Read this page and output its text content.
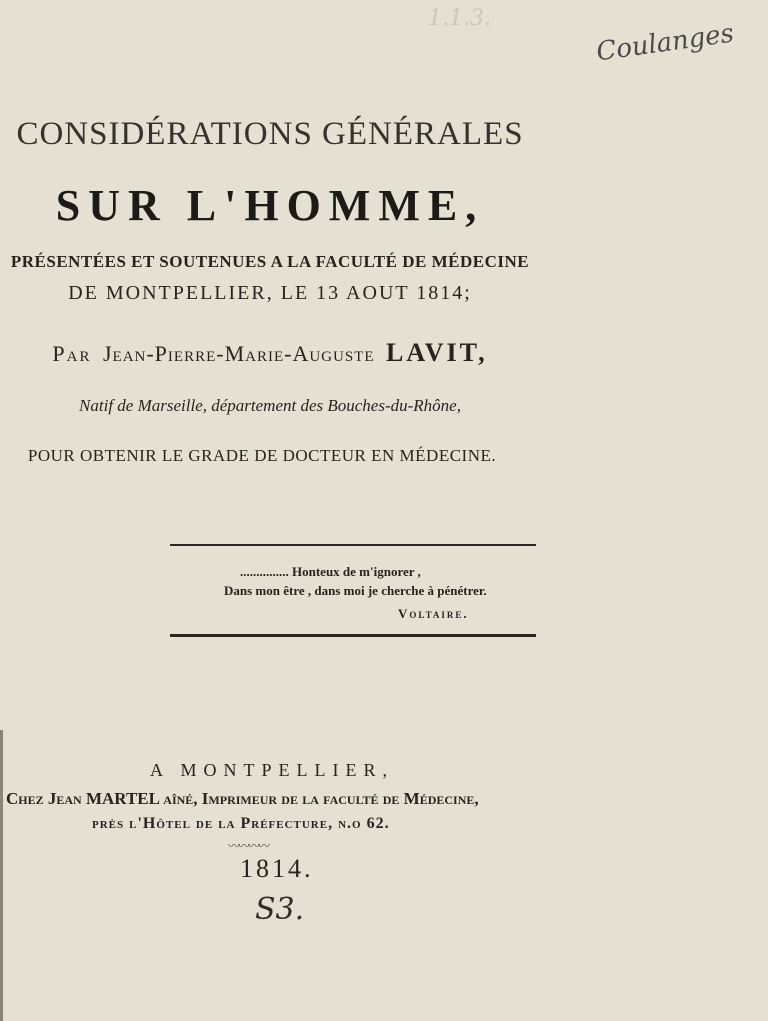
1.1.3.
Coulanges
CONSIDÉRATIONS GÉNÉRALES
SUR L'HOMME,
PRÉSENTÉES ET SOUTENUES A LA FACULTÉ DE MÉDECINE
DE MONTPELLIER, LE 13 AOUT 1814;
Par Jean-Pierre-Marie-Auguste LAVIT,
Natif de Marseille, département des Bouches-du-Rhône,
POUR OBTENIR LE GRADE DE DOCTEUR EN MÉDECINE.
............... Honteux de m'ignorer ,
Dans mon être , dans moi je cherche à pénétrer.
Voltaire.
A MONTPELLIER,
Chez Jean MARTEL aîné, Imprimeur de la faculté de Médecine,
près l'Hôtel de la Préfecture, n.o 62.
〰〰〰〰
1814.
S3.
